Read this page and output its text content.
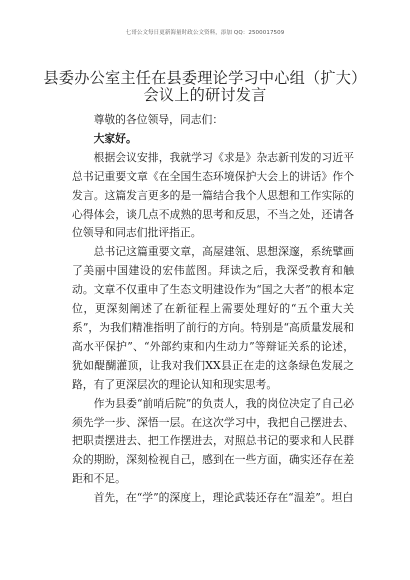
七哥公文每日更新海量时政公文资料，添加 QQ：2500017509
县委办公室主任在县委理论学习中心组（扩大）
会议上的研讨发言

尊敬的各位领导，同志们：

大家好。

根据会议安排，我就学习《求是》杂志新刊发的习近平总书记重要文章《在全国生态环境保护大会上的讲话》作个发言。这篇发言更多的是一篇结合我个人思想和工作实际的心得体会，谈几点不成熟的思考和反思，不当之处，还请各位领导和同志们批评指正。

总书记这篇重要文章，高屋建瓴、思想深邃，系统擘画了美丽中国建设的宏伟蓝图。拜读之后，我深受教育和触动。文章不仅重申了生态文明建设作为“国之大者”的根本定位，更深刻阐述了在新征程上需要处理好的“五个重大关系”，为我们精准指明了前行的方向。特别是“高质量发展和高水平保护”、“外部约束和内生动力”等辩证关系的论述，犹如醍醐灌顶，让我对我们XX县正在走的这条绿色发展之路，有了更深层次的理论认知和现实思考。

作为县委“前哨后院”的负责人，我的岗位决定了自己必须先学一步、深悟一层。在这次学习中，我把自己摆进去、把职责摆进去、把工作摆进去，对照总书记的要求和人民群众的期盼，深刻检视自己，感到在一些方面，确实还存在差距和不足。

首先，在“学”的深度上，理论武装还存在“温差”。坦白
